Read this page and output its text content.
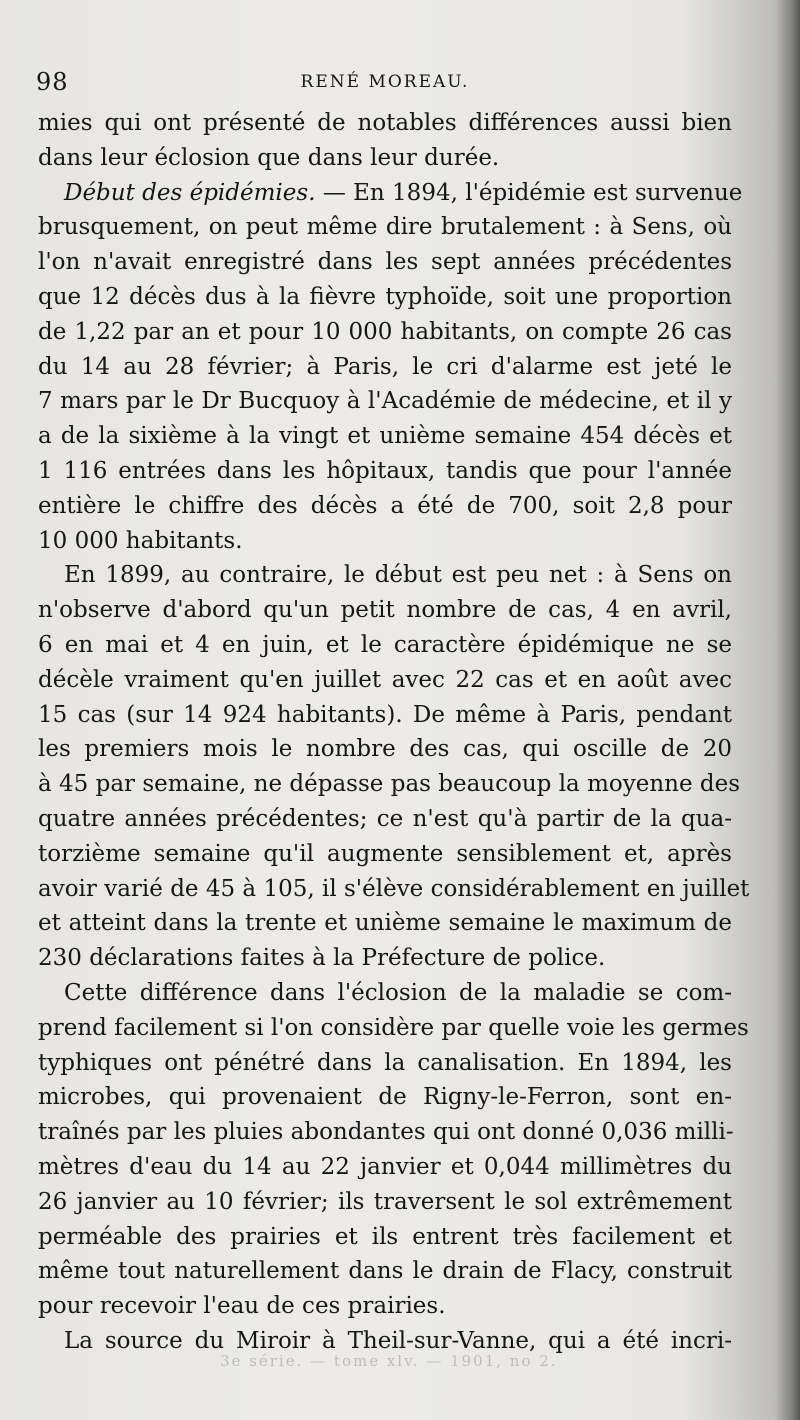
98	RENÉ MOREAU.
mies qui ont présenté de notables différences aussi bien
dans leur éclosion que dans leur durée.
Début des épidémies. — En 1894, l'épidémie est survenue
brusquement, on peut même dire brutalement : à Sens, où
l'on n'avait enregistré dans les sept années précédentes
que 12 décès dus à la fièvre typhoïde, soit une proportion
de 1,22 par an et pour 10 000 habitants, on compte 26 cas
du 14 au 28 février; à Paris, le cri d'alarme est jeté le
7 mars par le Dr Bucquoy à l'Académie de médecine, et il y
a de la sixième à la vingt et unième semaine 454 décès et
1 116 entrées dans les hôpitaux, tandis que pour l'année
entière le chiffre des décès a été de 700, soit 2,8 pour
10 000 habitants.
En 1899, au contraire, le début est peu net : à Sens on
n'observe d'abord qu'un petit nombre de cas, 4 en avril,
6 en mai et 4 en juin, et le caractère épidémique ne se
décèle vraiment qu'en juillet avec 22 cas et en août avec
15 cas (sur 14 924 habitants). De même à Paris, pendant
les premiers mois le nombre des cas, qui oscille de 20
à 45 par semaine, ne dépasse pas beaucoup la moyenne des
quatre années précédentes; ce n'est qu'à partir de la qua-
torzième semaine qu'il augmente sensiblement et, après
avoir varié de 45 à 105, il s'élève considérablement en juillet
et atteint dans la trente et unième semaine le maximum de
230 déclarations faites à la Préfecture de police.
Cette différence dans l'éclosion de la maladie se com-
prend facilement si l'on considère par quelle voie les germes
typhiques ont pénétré dans la canalisation. En 1894, les
microbes, qui provenaient de Rigny-le-Ferron, sont en-
traînés par les pluies abondantes qui ont donné 0,036 milli-
mètres d'eau du 14 au 22 janvier et 0,044 millimètres du
26 janvier au 10 février; ils traversent le sol extrêmement
perméable des prairies et ils entrent très facilement et
même tout naturellement dans le drain de Flacy, construit
pour recevoir l'eau de ces prairies.
La source du Miroir à Theil-sur-Vanne, qui a été incri-
3e série. — tome xlv. — 1901, no 2.
